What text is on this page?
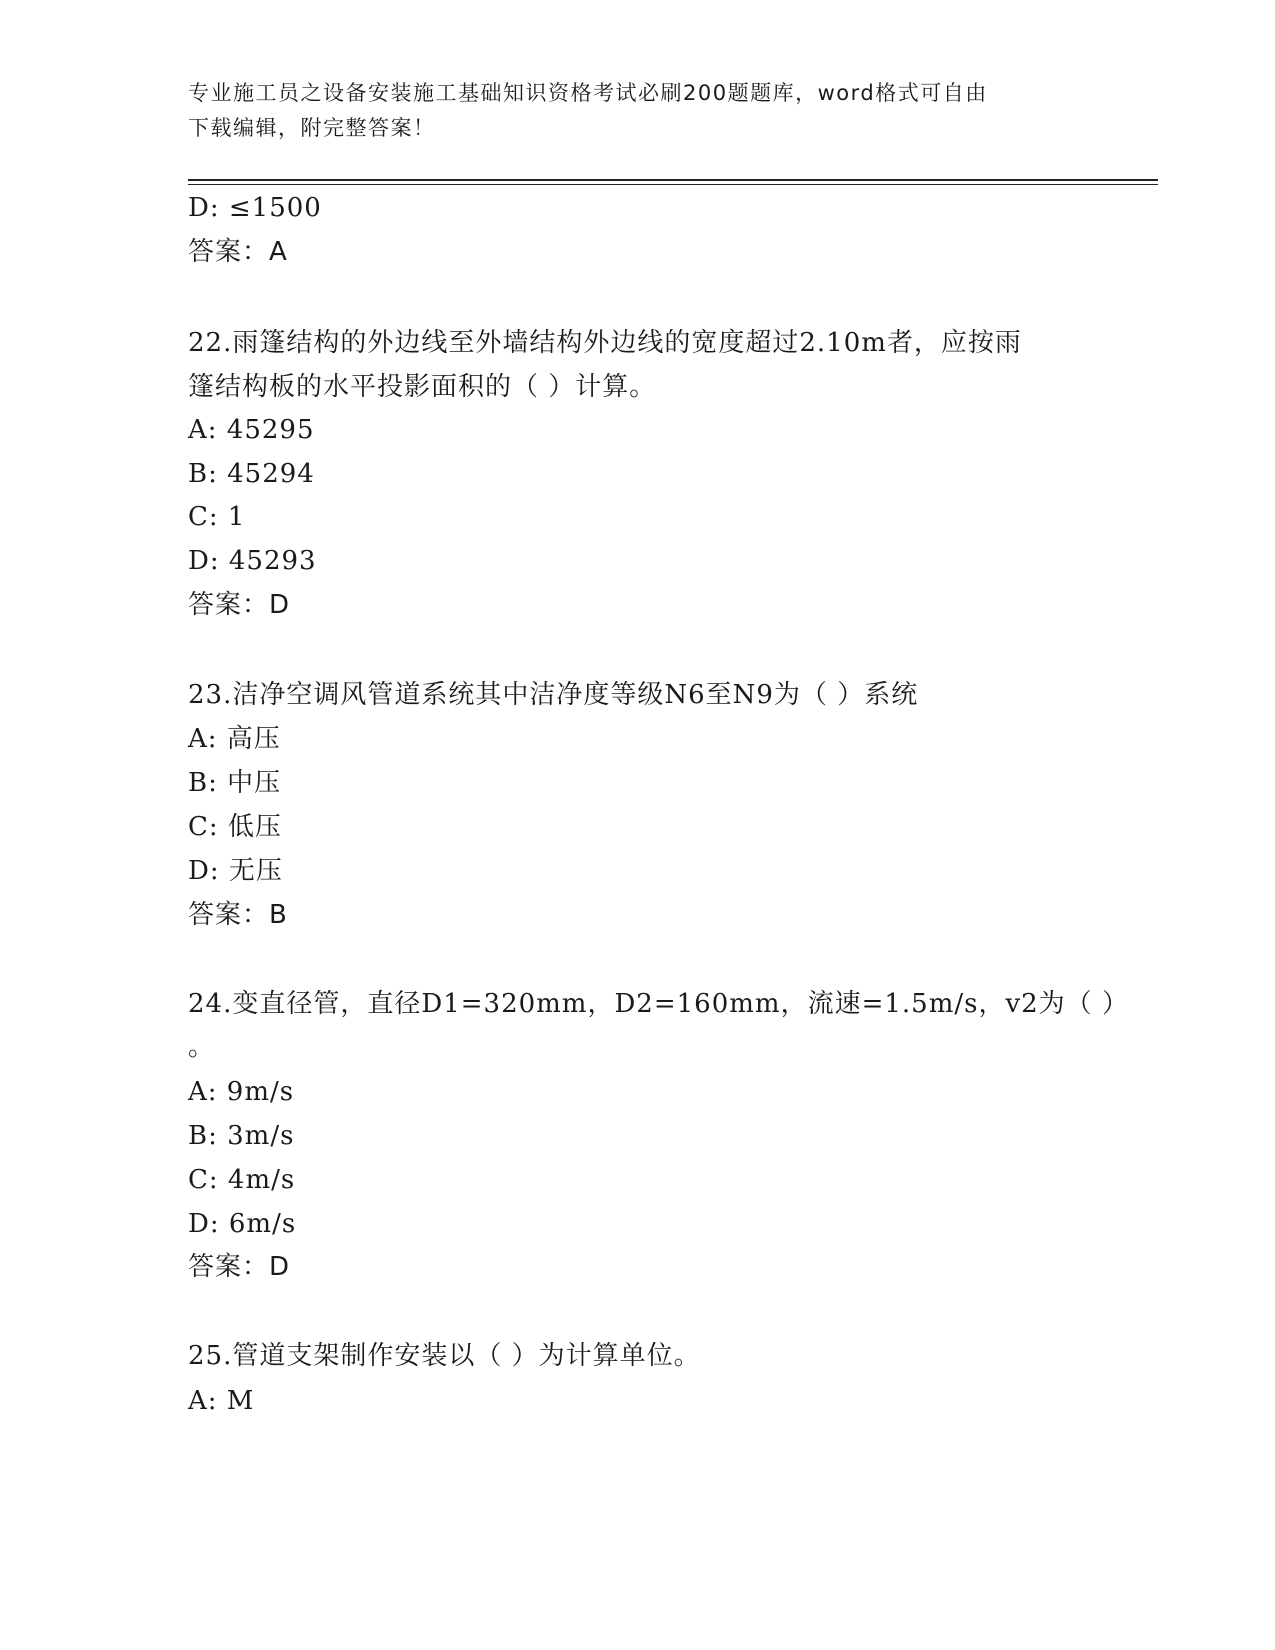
专业施工员之设备安装施工基础知识资格考试必刷200题题库，word格式可自由
下载编辑，附完整答案！
D: ≤1500
答案：A
22.雨篷结构的外边线至外墙结构外边线的宽度超过2.10m者，应按雨
篷结构板的水平投影面积的（ ）计算。
A: 45295
B: 45294
C: 1
D: 45293
答案：D
23.洁净空调风管道系统其中洁净度等级N6至N9为（ ）系统
A: 高压
B: 中压
C: 低压
D: 无压
答案：B
24.变直径管，直径D1=320mm，D2=160mm，流速=1.5m/s，v2为（ ）
。
A: 9m/s
B: 3m/s
C: 4m/s
D: 6m/s
答案：D
25.管道支架制作安装以（ ）为计算单位。
A: M
